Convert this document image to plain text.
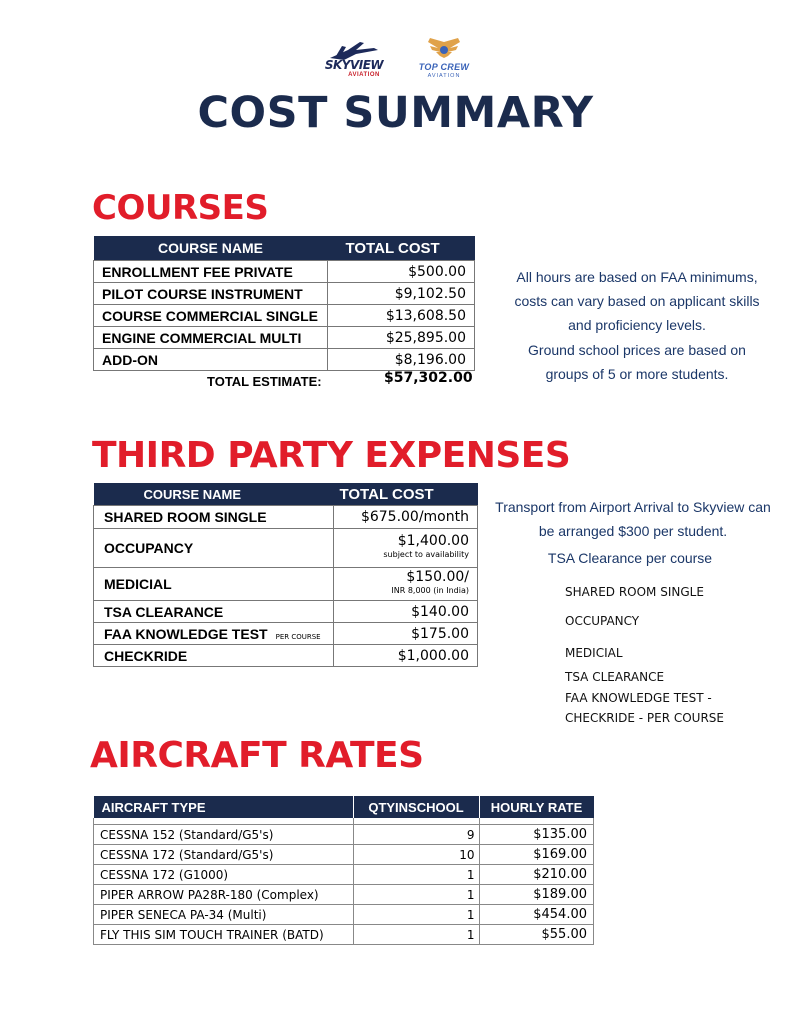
SKYVIEW
AVIATION
TOP CREW
AVIATION
COST SUMMARY
COURSES
COURSE NAME	TOTAL COST
ENROLLMENT FEE PRIVATE	$500.00
PILOT COURSE INSTRUMENT	$9,102.50
COURSE COMMERCIAL SINGLE	$13,608.50
ENGINE COMMERCIAL MULTI	$25,895.00
ADD-ON	$8,196.00
TOTAL ESTIMATE:	$57,302.00
All hours are based on FAA minimums, costs can vary based on applicant skills and proficiency levels.
Ground school prices are based on groups of 5 or more students.
THIRD PARTY EXPENSES
COURSE NAME	TOTAL COST
SHARED ROOM SINGLE	$675.00/month
OCCUPANCY	$1,400.00
subject to availability

MEDICIAL	$150.00/
INR 8,000 (in India)

TSA CLEARANCE	$140.00
FAA KNOWLEDGE TEST PER COURSE	$175.00
CHECKRIDE	$1,000.00
Transport from Airport Arrival to Skyview can be arranged $300 per student.
TSA Clearance per course
SHARED ROOM SINGLE
OCCUPANCY
MEDICIAL
TSA CLEARANCE
FAA KNOWLEDGE TEST -
CHECKRIDE - PER COURSE
AIRCRAFT RATES
AIRCRAFT TYPE	QTYINSCHOOL	HOURLY RATE

CESSNA 152 (Standard/G5's)	9	$135.00
CESSNA 172 (Standard/G5's)	10	$169.00
CESSNA 172 (G1000)	1	$210.00
PIPER ARROW PA28R-180 (Complex)	1	$189.00
PIPER SENECA PA-34 (Multi)	1	$454.00
FLY THIS SIM TOUCH TRAINER (BATD)	1	$55.00
